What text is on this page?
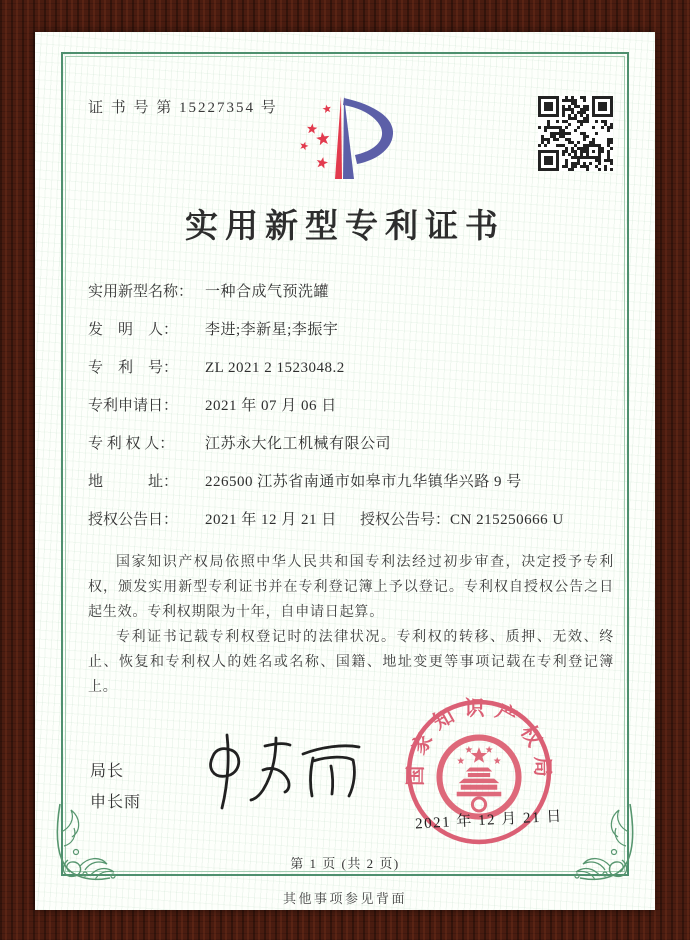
证 书 号 第 15227354 号
实用新型专利证书
实用新型名称： 一种合成气预洗罐
发　明　人： 李进;李新星;李振宇
专　利　号： ZL 2021 2 1523048.2
专利申请日： 2021 年 07 月 06 日
专 利 权 人： 江苏永大化工机械有限公司
地　　　址： 226500 江苏省南通市如皋市九华镇华兴路 9 号
授权公告日： 2021 年 12 月 21 日 授权公告号：CN 215250666 U

国家知识产权局依照中华人民共和国专利法经过初步审查，决定授予专利权，颁发实用新型专利证书并在专利登记簿上予以登记。专利权自授权公告之日起生效。专利权期限为十年，自申请日起算。

专利证书记载专利权登记时的法律状况。专利权的转移、质押、无效、终止、恢复和专利权人的姓名或名称、国籍、地址变更等事项记载在专利登记簿上。

局长
申长雨
国家知识产权局
2021 年 12 月 21 日
第 1 页 (共 2 页)
其他事项参见背面
